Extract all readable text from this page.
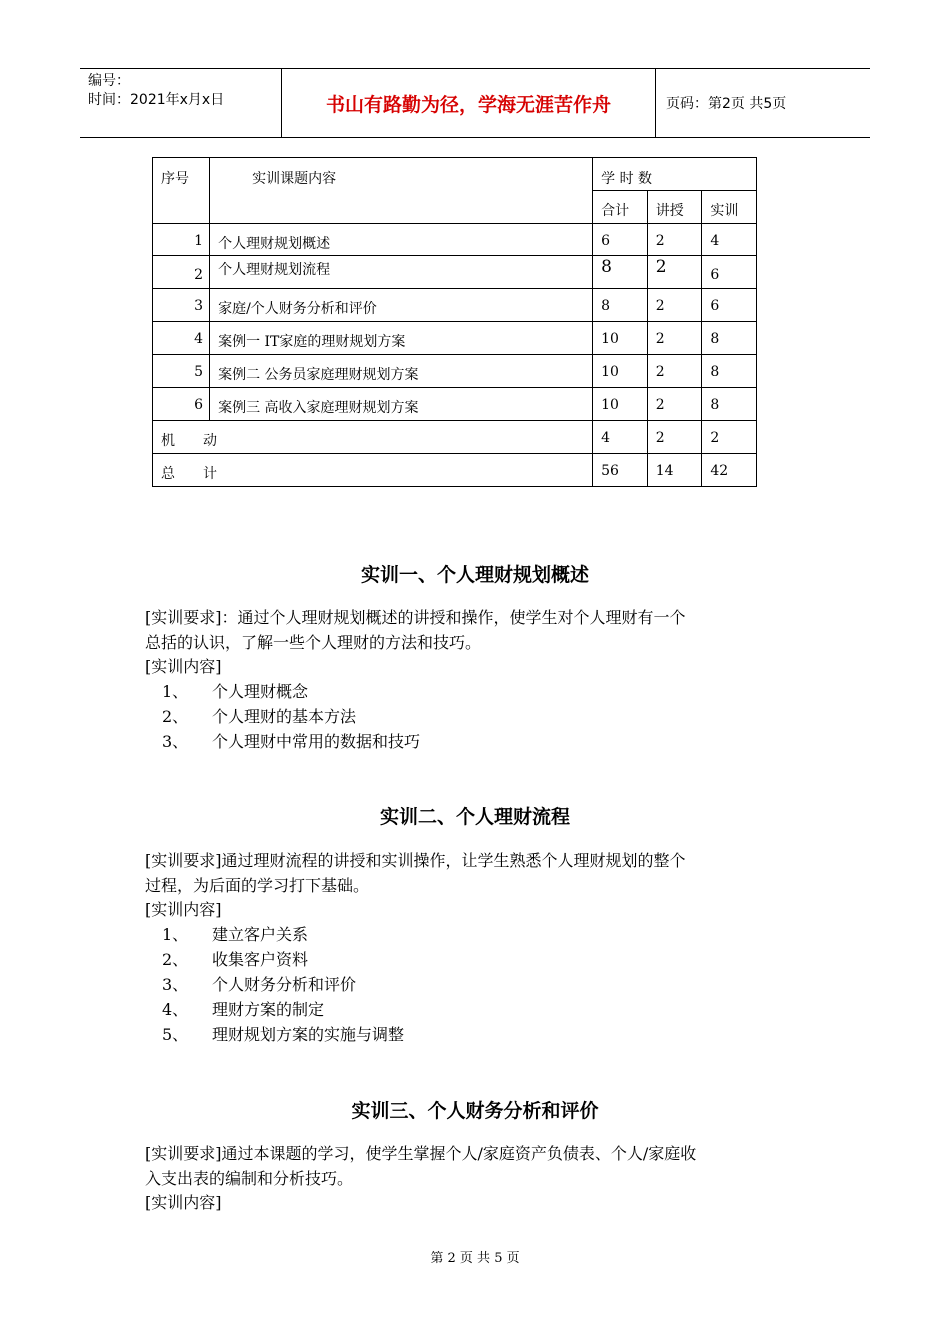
编号：
时间：2021年x月x日	书山有路勤为径，学海无涯苦作舟	页码：第2页 共5页
序号	实训课题内容	学 时 数		
		合计	讲授	实训
1	个人理财规划概述	6	2	4
2	个人理财规划流程	8	2	6
3	家庭/个人财务分析和评价	8	2	6
4	案例一 IT家庭的理财规划方案	10	2	8
5	案例二 公务员家庭理财规划方案	10	2	8
6	案例三 高收入家庭理财规划方案	10	2	8
机　　动		4	2	2
总　　计		56	14	42
实训一、个人理财规划概述
[实训要求]：通过个人理财规划概述的讲授和操作，使学生对个人理财有一个
总括的认识，了解一些个人理财的方法和技巧。
[实训内容]
1、 个人理财概念
2、 个人理财的基本方法
3、 个人理财中常用的数据和技巧
实训二、个人理财流程
[实训要求]通过理财流程的讲授和实训操作，让学生熟悉个人理财规划的整个
过程，为后面的学习打下基础。
[实训内容]
1、 建立客户关系
2、 收集客户资料
3、 个人财务分析和评价
4、 理财方案的制定
5、 理财规划方案的实施与调整
实训三、个人财务分析和评价
[实训要求]通过本课题的学习，使学生掌握个人/家庭资产负债表、个人/家庭收
入支出表的编制和分析技巧。
[实训内容]
第 2 页 共 5 页
